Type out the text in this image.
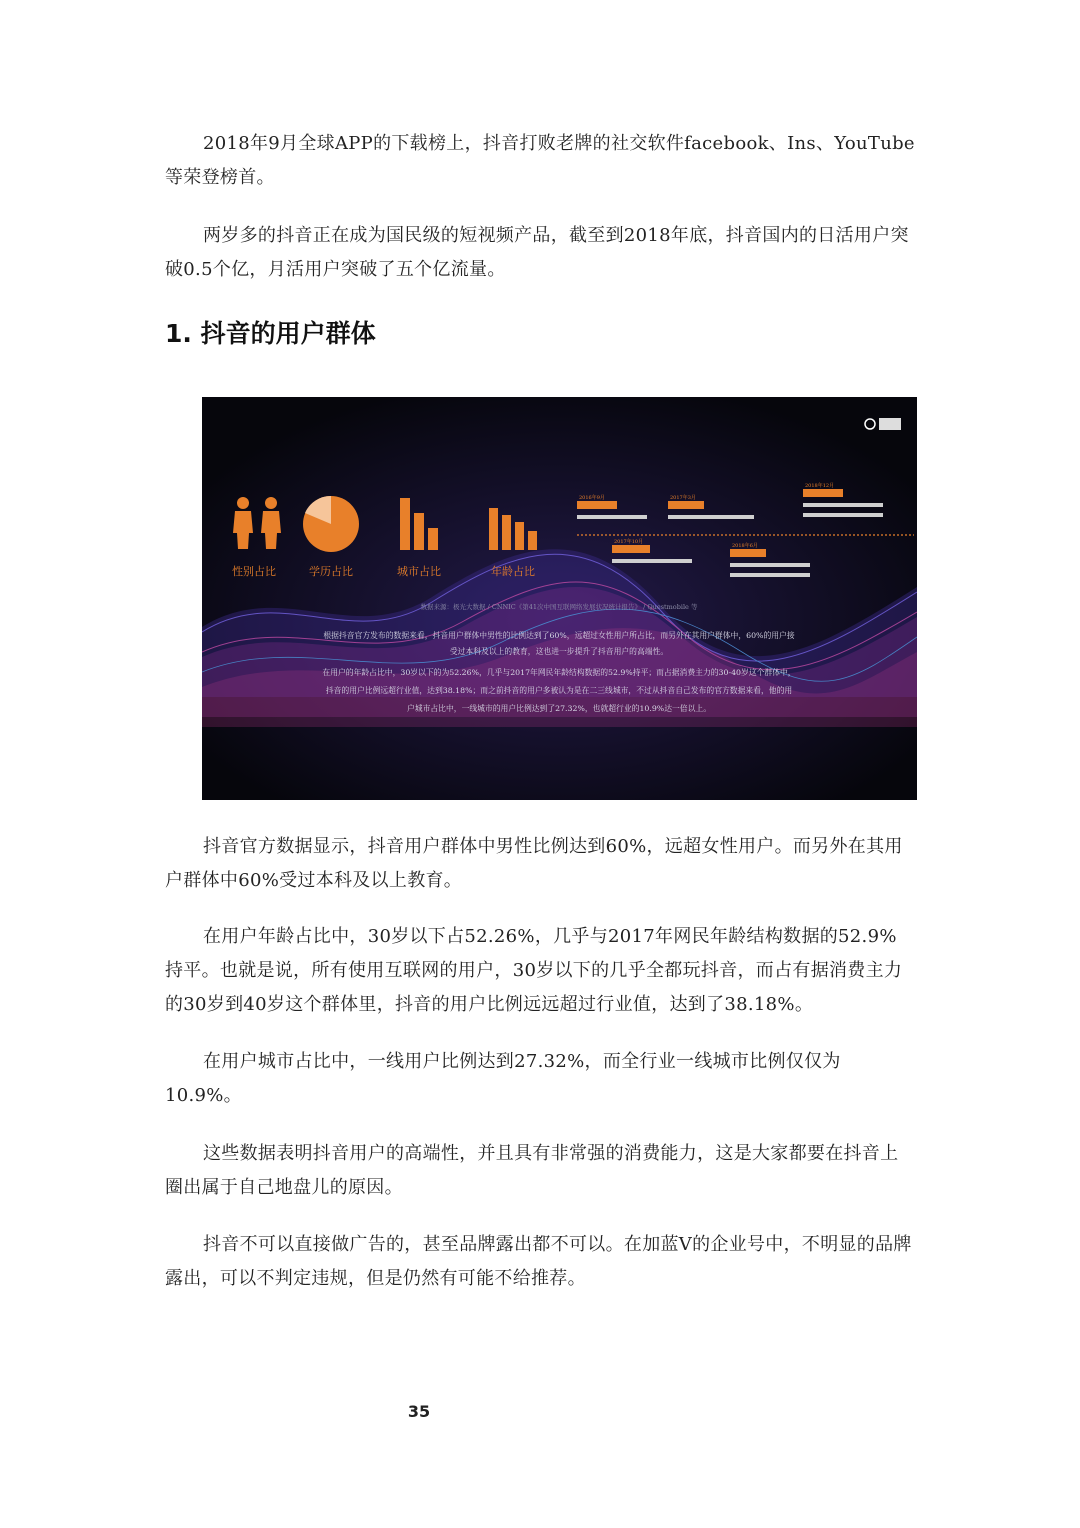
2018年9月全球APP的下载榜上，抖音打败老牌的社交软件facebook、Ins、YouTube等荣登榜首。

两岁多的抖音正在成为国民级的短视频产品，截至到2018年底，抖音国内的日活用户突破0.5个亿，月活用户突破了五个亿流量。

1. 抖音的用户群体
性别占比	学历占比	城市占比	年龄占比
2016年9月	2017年3月
2017年10月
2018年6月
2018年12月
数据来源：极光大数据 / CNNIC《第41次中国互联网络发展状况统计报告》 / Questmobile 等
根据抖音官方发布的数据来看，抖音用户群体中男性的比例达到了60%，远超过女性用户所占比，而另外在其用户群体中，60%的用户接
受过本科及以上的教育，这也进一步提升了抖音用户的高端性。
在用户的年龄占比中，30岁以下的为52.26%，几乎与2017年网民年龄结构数据的52.9%持平；而占据消费主力的30-40岁这个群体中，
抖音的用户比例远超行业值，达到38.18%；而之前抖音的用户多被认为是在二三线城市，不过从抖音自己发布的官方数据来看，他的用
户城市占比中，一线城市的用户比例达到了27.32%，也就超行业的10.9%达一倍以上。

抖音官方数据显示，抖音用户群体中男性比例达到60%，远超女性用户。而另外在其用户群体中60%受过本科及以上教育。

在用户年龄占比中，30岁以下占52.26%，几乎与2017年网民年龄结构数据的52.9%持平。也就是说，所有使用互联网的用户，30岁以下的几乎全都玩抖音，而占有据消费主力的30岁到40岁这个群体里，抖音的用户比例远远超过行业值，达到了38.18%。

在用户城市占比中，一线用户比例达到27.32%，而全行业一线城市比例仅仅为10.9%。

这些数据表明抖音用户的高端性，并且具有非常强的消费能力，这是大家都要在抖音上圈出属于自己地盘儿的原因。

抖音不可以直接做广告的，甚至品牌露出都不可以。在加蓝V的企业号中，不明显的品牌露出，可以不判定违规，但是仍然有可能不给推荐。

35
